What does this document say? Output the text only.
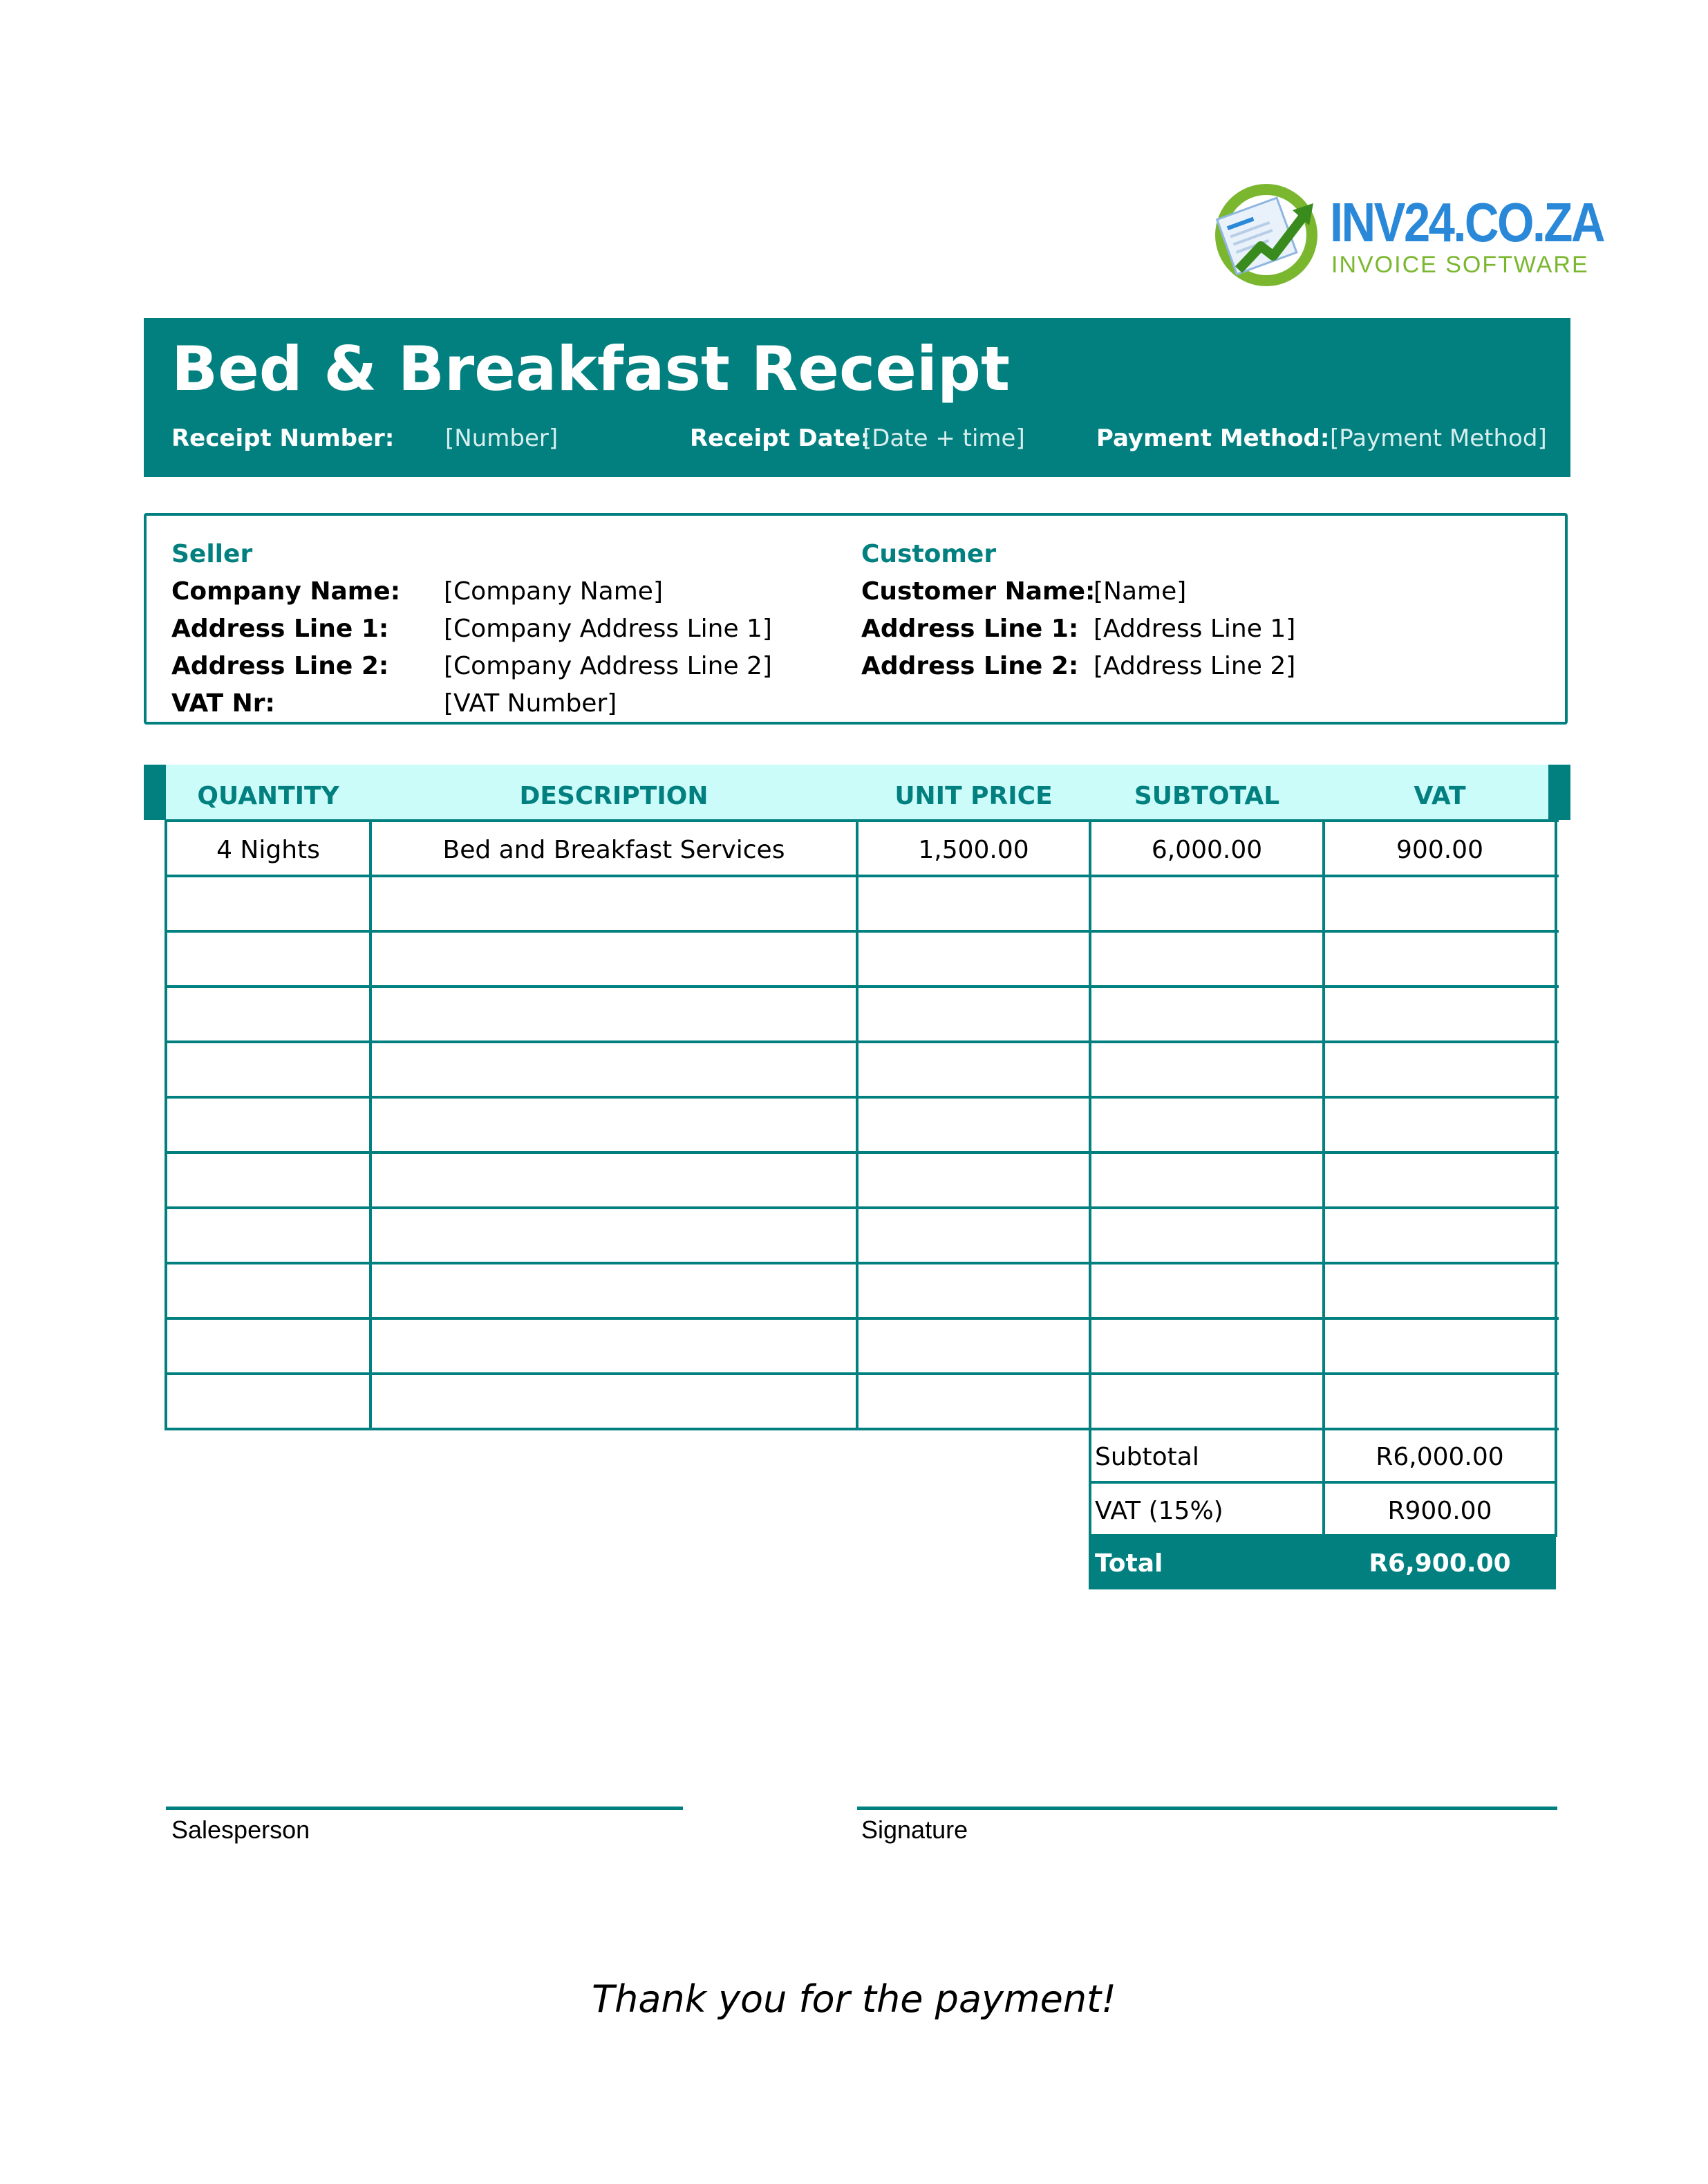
INV24.CO.ZA
INVOICE SOFTWARE
Bed & Breakfast Receipt
Receipt Number: [Number]	Receipt Date:
[Date + time]	Payment Method: [Payment Method]
Seller
Company Name: [Company Name]
Address Line 1: [Company Address Line 1]
Address Line 2: [Company Address Line 2]
VAT Nr:	[VAT Number]
Customer
Customer Name:
[Name]
Address Line 1: [Address Line 1]
Address Line 2: [Address Line 2]
QUANTITY	DESCRIPTION	UNIT PRICE	SUBTOTAL	VAT
4 Nights	Bed and Breakfast Services	1,500.00	6,000.00	900.00
Subtotal	R6,000.00
VAT (15%)	R900.00
Total	R6,900.00
Salesperson	Signature
Thank you for the payment!
